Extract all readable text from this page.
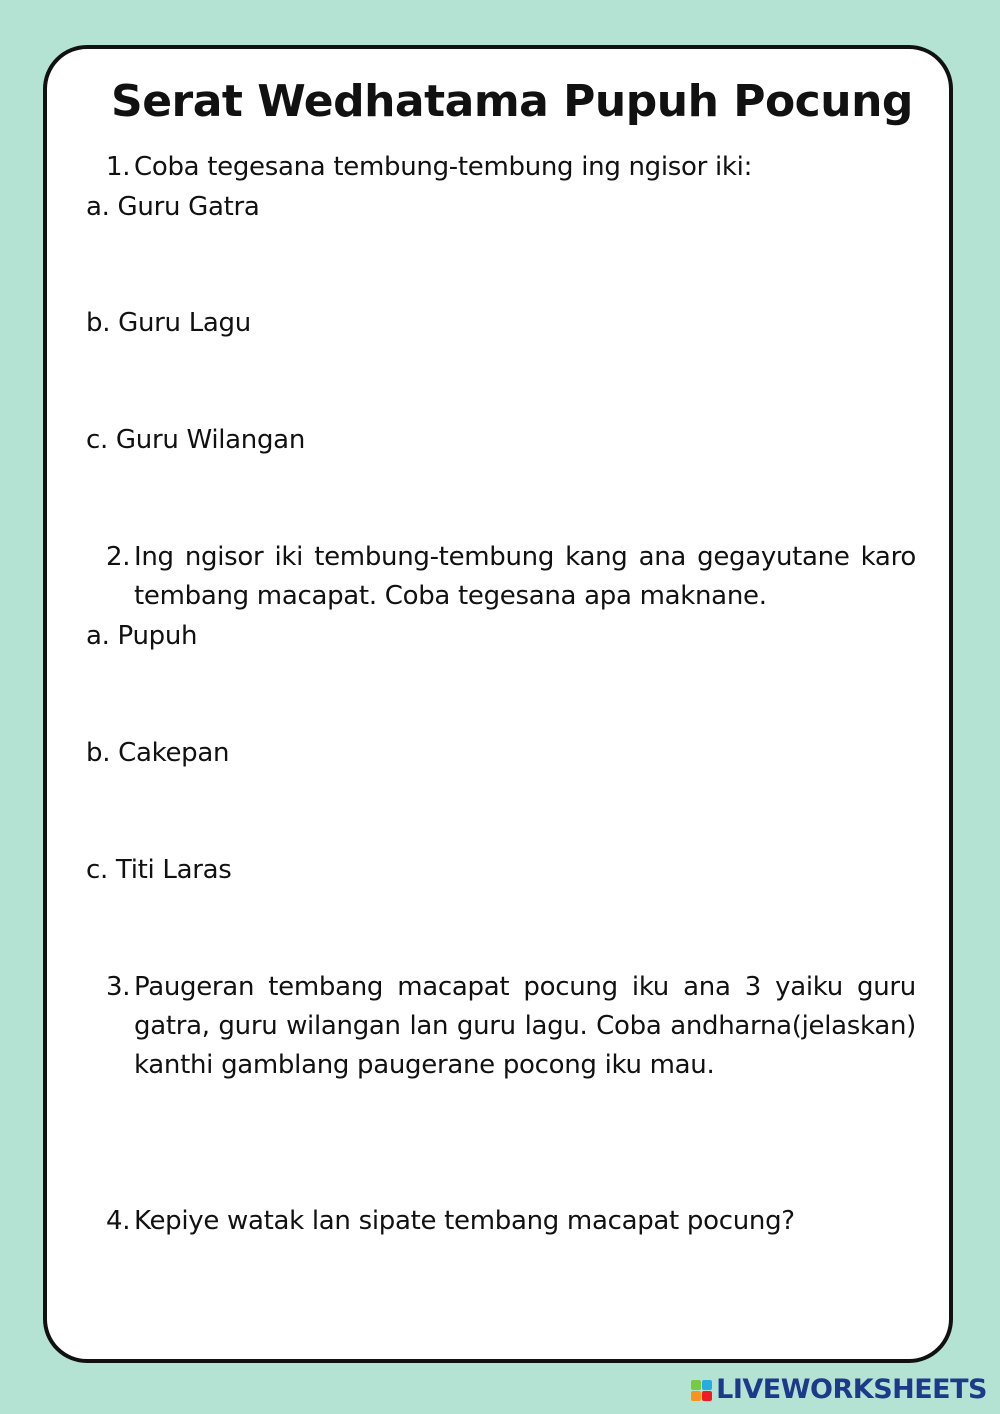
Serat Wedhatama Pupuh Pocung
1. Coba tegesana tembung-tembung ing ngisor iki:
a. Guru Gatra
b. Guru Lagu
c. Guru Wilangan
2. Ing ngisor iki tembung-tembung kang ana gegayutane karo tembang macapat. Coba tegesana apa maknane.
a. Pupuh
b. Cakepan
c. Titi Laras
3. Paugeran tembang macapat pocung iku ana 3 yaiku guru gatra, guru wilangan lan guru lagu. Coba andharna(jelaskan) kanthi gamblang paugerane pocong iku mau.
4. Kepiye watak lan sipate tembang macapat pocung?
LIVEWORKSHEETS
